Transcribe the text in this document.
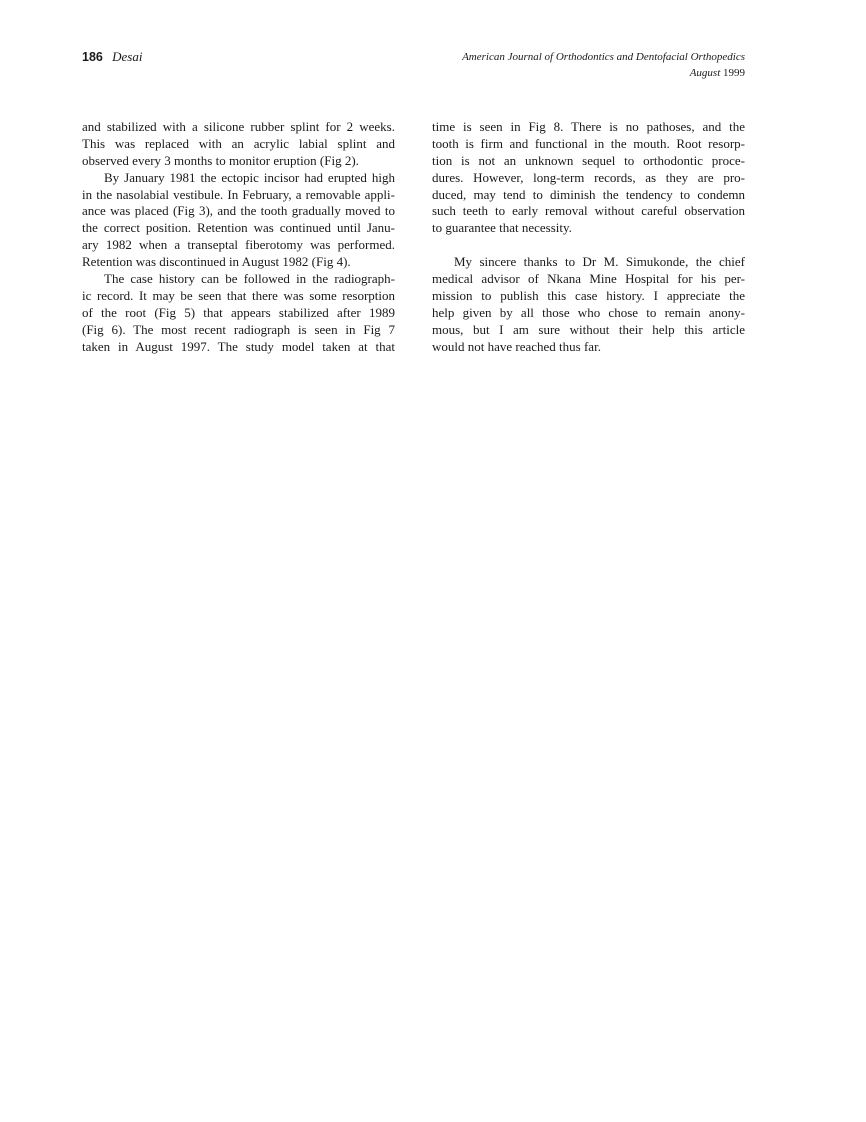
186 Desai	American Journal of Orthodontics and Dentofacial Orthopedics
August 1999
and stabilized with a silicone rubber splint for 2 weeks.
This was replaced with an acrylic labial splint and
observed every 3 months to monitor eruption (Fig 2).
By January 1981 the ectopic incisor had erupted high
in the nasolabial vestibule. In February, a removable appli-
ance was placed (Fig 3), and the tooth gradually moved to
the correct position. Retention was continued until Janu-
ary 1982 when a transeptal fiberotomy was performed.
Retention was discontinued in August 1982 (Fig 4).
The case history can be followed in the radiograph-
ic record. It may be seen that there was some resorption
of the root (Fig 5) that appears stabilized after 1989
(Fig 6). The most recent radiograph is seen in Fig 7
taken in August 1997. The study model taken at that
time is seen in Fig 8. There is no pathoses, and the
tooth is firm and functional in the mouth. Root resorp-
tion is not an unknown sequel to orthodontic proce-
dures. However, long-term records, as they are pro-
duced, may tend to diminish the tendency to condemn
such teeth to early removal without careful observation
to guarantee that necessity.
My sincere thanks to Dr M. Simukonde, the chief
medical advisor of Nkana Mine Hospital for his per-
mission to publish this case history. I appreciate the
help given by all those who chose to remain anony-
mous, but I am sure without their help this article
would not have reached thus far.
